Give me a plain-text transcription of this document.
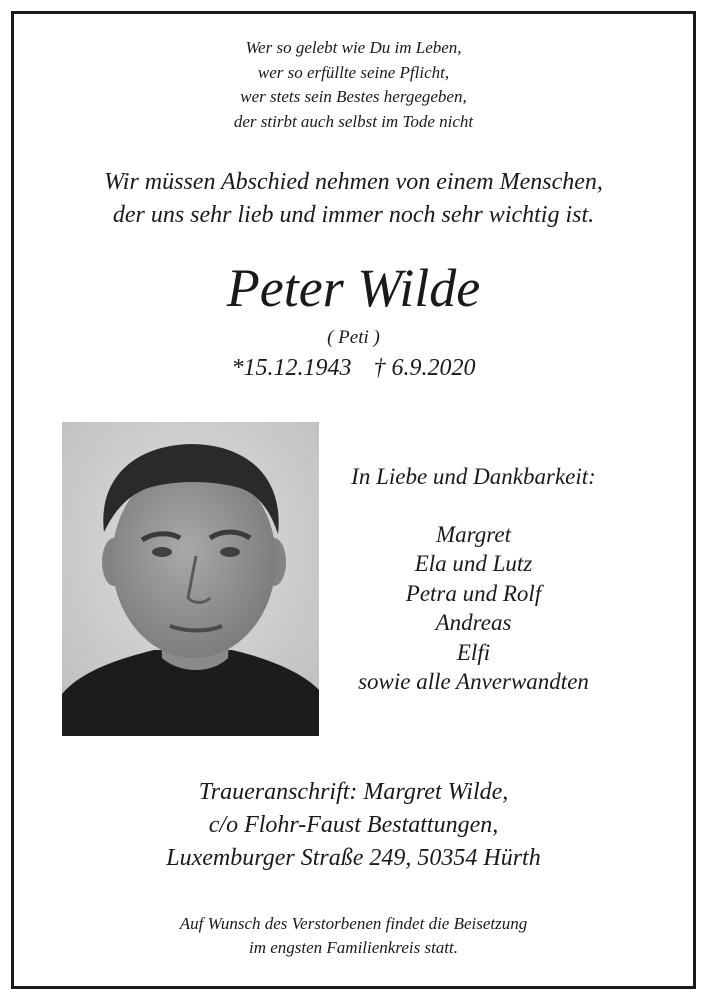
Wer so gelebt wie Du im Leben,
wer so erfüllte seine Pflicht,
wer stets sein Bestes hergegeben,
der stirbt auch selbst im Tode nicht
Wir müssen Abschied nehmen von einem Menschen,
der uns sehr lieb und immer noch sehr wichtig ist.
Peter Wilde
( Peti )
*15.12.1943 † 6.9.2020
In Liebe und Dankbarkeit:
Margret
Ela und Lutz
Petra und Rolf
Andreas
Elfi
sowie alle Anverwandten
Traueranschrift: Margret Wilde,
c/o Flohr-Faust Bestattungen,
Luxemburger Straße 249, 50354 Hürth
Auf Wunsch des Verstorbenen findet die Beisetzung
im engsten Familienkreis statt.
